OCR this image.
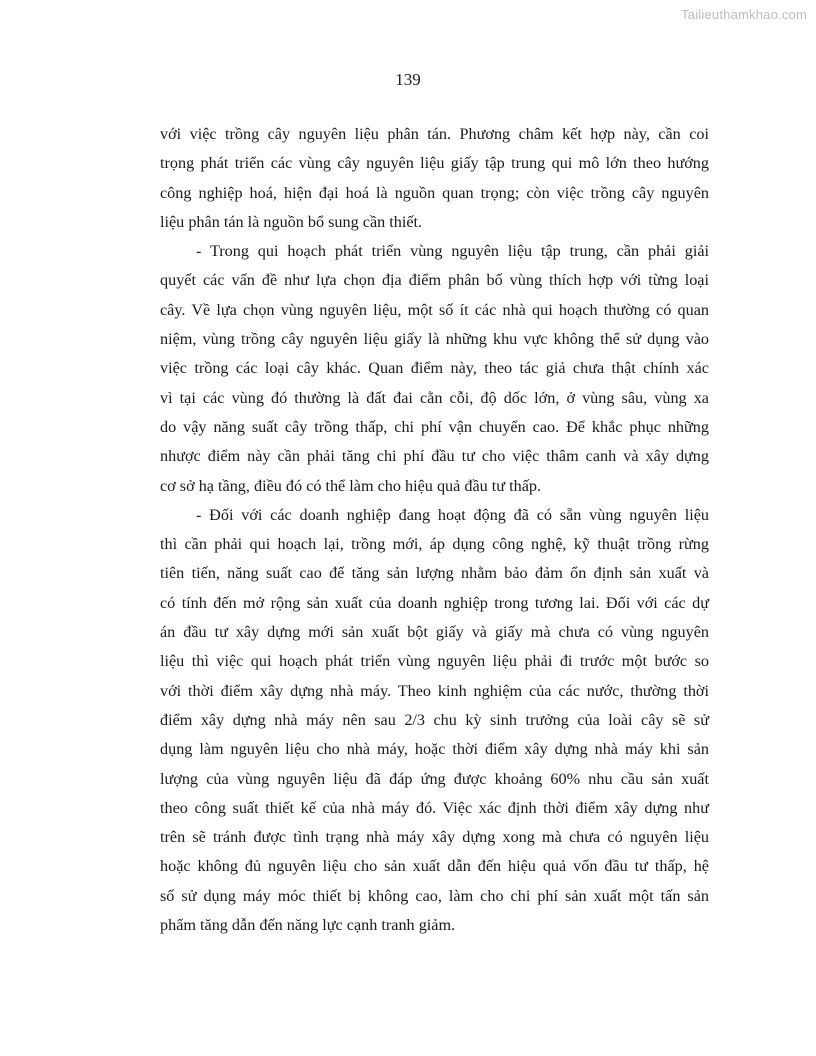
Tailieuthamkhao.com
139
với việc trồng cây nguyên liệu phân tán. Phương châm kết hợp này, cần coi
trọng phát triển các vùng cây nguyên liệu giấy tập trung qui mô lớn theo hướng
công nghiệp hoá, hiện đại hoá là nguồn quan trọng; còn việc trồng cây nguyên
liệu phân tán là nguồn bổ sung cần thiết.
- Trong qui hoạch phát triển vùng nguyên liệu tập trung, cần phải giải
quyết các vấn đề như lựa chọn địa điểm phân bố vùng thích hợp với từng loại
cây. Về lựa chọn vùng nguyên liệu, một số ít các nhà qui hoạch thường có quan
niệm, vùng trồng cây nguyên liệu giấy là những khu vực không thể sử dụng vào
việc trồng các loại cây khác. Quan điểm này, theo tác giả chưa thật chính xác
vì tại các vùng đó thường là đất đai cằn cỗi, độ dốc lớn, ở vùng sâu, vùng xa
do vậy năng suất cây trồng thấp, chi phí vận chuyển cao. Để khắc phục những
nhược điểm này cần phải tăng chi phí đầu tư cho việc thâm canh và xây dựng
cơ sở hạ tầng, điều đó có thể làm cho hiệu quả đầu tư thấp.
- Đối với các doanh nghiệp đang hoạt động đã có sẵn vùng nguyên liệu
thì cần phải qui hoạch lại, trồng mới, áp dụng công nghệ, kỹ thuật trồng rừng
tiên tiến, năng suất cao để tăng sản lượng nhằm bảo đảm ổn định sản xuất và
có tính đến mở rộng sản xuất của doanh nghiệp trong tương lai. Đối với các dự
án đầu tư xây dựng mới sản xuất bột giấy và giấy mà chưa có vùng nguyên
liệu thì việc qui hoạch phát triển vùng nguyên liệu phải đi trước một bước so
với thời điểm xây dựng nhà máy. Theo kinh nghiệm của các nước, thường thời
điểm xây dựng nhà máy nên sau 2/3 chu kỳ sinh trưởng của loài cây sẽ sử
dụng làm nguyên liệu cho nhà máy, hoặc thời điểm xây dựng nhà máy khi sản
lượng của vùng nguyên liệu đã đáp ứng được khoảng 60% nhu cầu sản xuất
theo công suất thiết kế của nhà máy đó. Việc xác định thời điểm xây dựng như
trên sẽ tránh được tình trạng nhà máy xây dựng xong mà chưa có nguyên liệu
hoặc không đủ nguyên liệu cho sản xuất dẫn đến hiệu quả vốn đầu tư thấp, hệ
số sử dụng máy móc thiết bị không cao, làm cho chi phí sản xuất một tấn sản
phẩm tăng dẫn đến năng lực cạnh tranh giảm.
